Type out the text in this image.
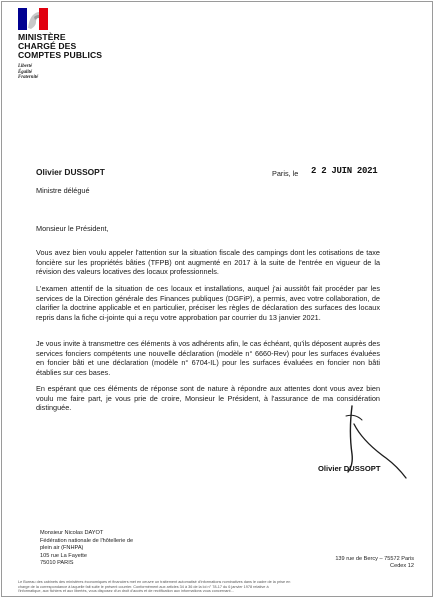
MINISTÈRE
CHARGÉ DES
COMPTES PUBLICS
Liberté
Égalité
Fraternité
Olivier DUSSOPT
Ministre délégué
Paris, le 2 2 JUIN 2021
Monsieur le Président,
Vous avez bien voulu appeler l'attention sur la situation fiscale des campings dont les cotisations de taxe foncière sur les propriétés bâties (TFPB) ont augmenté en 2017 à la suite de l'entrée en vigueur de la révision des valeurs locatives des locaux professionnels.
L'examen attentif de la situation de ces locaux et installations, auquel j'ai aussitôt fait procéder par les services de la Direction générale des Finances publiques (DGFiP), a permis, avec votre collaboration, de clarifier la doctrine applicable et en particulier, préciser les règles de déclaration des surfaces des locaux repris dans la fiche ci-jointe qui a reçu votre approbation par courrier du 13 janvier 2021.
Je vous invite à transmettre ces éléments à vos adhérents afin, le cas échéant, qu'ils déposent auprès des services fonciers compétents une nouvelle déclaration (modèle n° 6660-Rev) pour les surfaces évaluées en foncier bâti et une déclaration (modèle n° 6704-IL) pour les surfaces évaluées en foncier non bâti établies sur ces bases.
En espérant que ces éléments de réponse sont de nature à répondre aux attentes dont vous avez bien voulu me faire part, je vous prie de croire, Monsieur le Président, à l'assurance de ma considération distinguée.
Olivier DUSSOPT
Monsieur Nicolas DAYOT
Fédération nationale de l'hôtellerie de
plein air (FNHPA)
105 rue La Fayette
75010 PARIS
139 rue de Bercy – 75572 Paris
Cedex 12
Le Bureau des cabinets des ministères économiques et financiers met en oeuvre un traitement automatisé d'informations nominatives dans le cadre de la prise en
charge de la correspondance à laquelle fait suite le présent courrier. Conformément aux articles 34 à 36 de la loi n° 78-17 du 6 janvier 1978 relative à
l'informatique, aux fichiers et aux libertés, vous disposez d'un droit d'accès et de rectification aux informations vous concernant...
